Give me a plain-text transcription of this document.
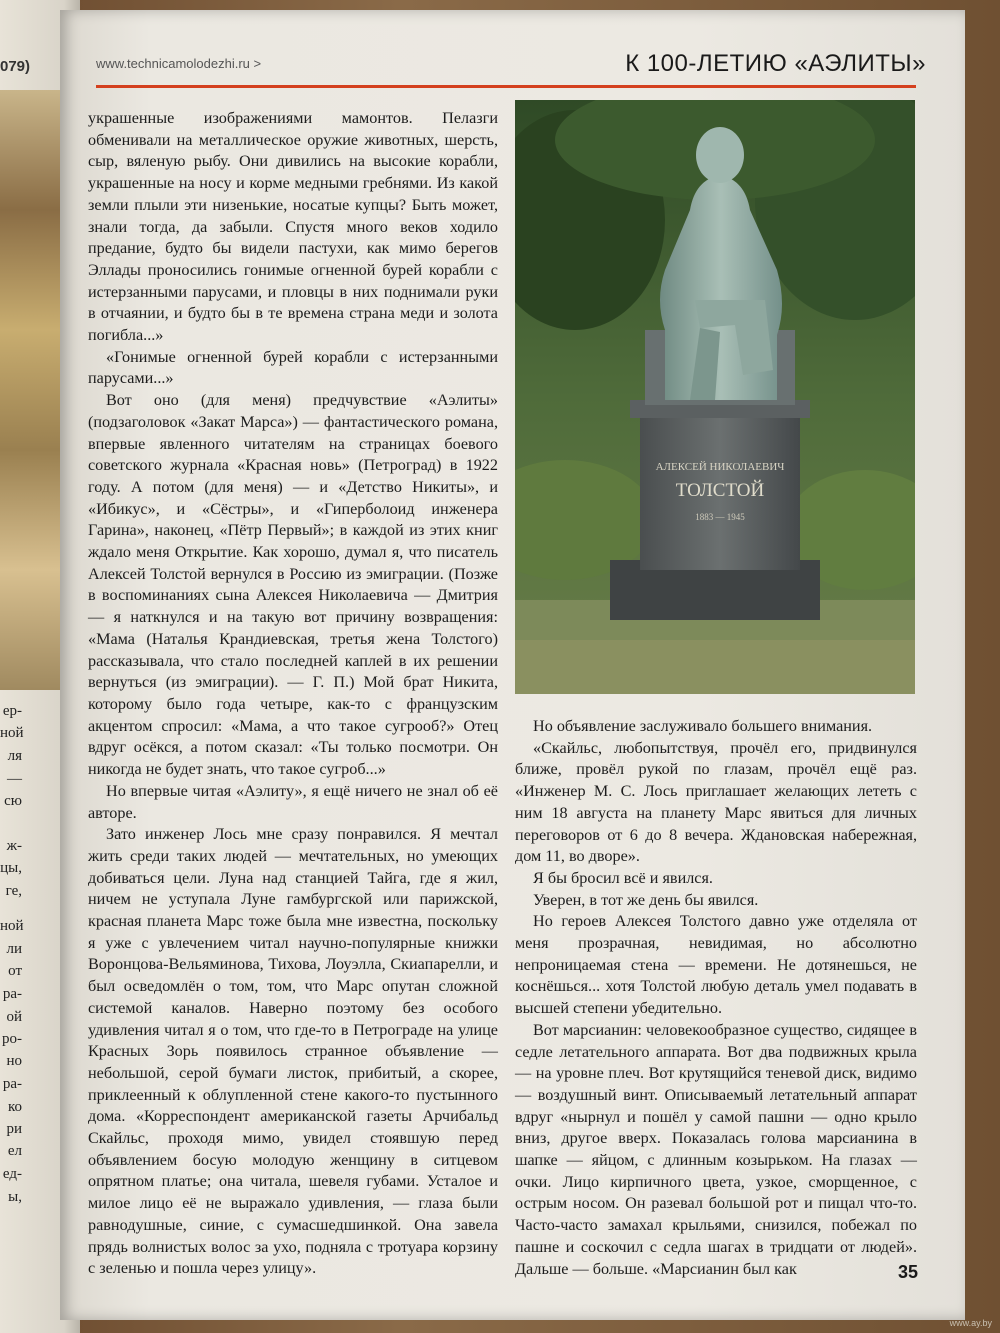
079)
ер-
ной
ля
—
сю
ж-
цы,
ге,
ной
ли
от
ра-
ой
ро-
но
ра-
ко
ри
ел
ед-
ы,
www.technicamolodezhi.ru >	К 100-ЛЕТИЮ «АЭЛИТЫ»
АЛЕКСЕЙ НИКОЛАЕВИЧ
ТОЛСТОЙ
1883 — 1945

украшенные изображениями мамонтов. Пелазги обменивали на металлическое оружие животных, шерсть, сыр, вяленую рыбу. Они дивились на высокие корабли, украшенные на носу и корме медными гребнями. Из какой земли плыли эти низенькие, носатые купцы? Быть может, знали тогда, да забыли. Спустя много веков ходило предание, будто бы видели пастухи, как мимо берегов Эллады проносились гонимые огненной бурей корабли с истерзанными парусами, и пловцы в них поднимали руки в отчаянии, и будто бы в те времена страна меди и золота погибла...»

«Гонимые огненной бурей корабли с истерзанными парусами...»

Вот оно (для меня) предчувствие «Аэлиты» (подзаголовок «Закат Марса») — фантастического романа, впервые явленного читателям на страницах боевого советского журнала «Красная новь» (Петроград) в 1922 году. А потом (для меня) — и «Детство Никиты», и «Ибикус», и «Сёстры», и «Гиперболоид инженера Гарина», наконец, «Пётр Первый»; в каждой из этих книг ждало меня Открытие. Как хорошо, думал я, что писатель Алексей Толстой вернулся в Россию из эмиграции. (Позже в воспоминаниях сына Алексея Николаевича — Дмитрия — я наткнулся и на такую вот причину возвращения: «Мама (Наталья Крандиевская, третья жена Толстого) рассказывала, что стало последней каплей в их решении вернуться (из эмиграции). — Г. П.) Мой брат Никита, которому было года четыре, как-то с французским акцентом спросил: «Мама, а что такое сугрооб?» Отец вдруг осёкся, а потом сказал: «Ты только посмотри. Он никогда не будет знать, что такое сугроб...»

Но впервые читая «Аэлиту», я ещё ничего не знал об её авторе.

Зато инженер Лось мне сразу понравился. Я мечтал жить среди таких людей — мечтательных, но умеющих добиваться цели. Луна над станцией Тайга, где я жил, ничем не уступала Луне гамбургской или парижской, красная планета Марс тоже была мне известна, поскольку я уже с увлечением читал научно-популярные книжки Воронцова-Вельяминова, Тихова, Лоуэлла, Скиапарелли, и был осведомлён о том, том, что Марс опутан сложной системой каналов. Наверно поэтому без особого удивления читал я о том, что где-то в Петрограде на улице Красных Зорь появилось странное объявление — небольшой, серой бумаги листок, прибитый, а скорее, приклеенный к облупленной стене какого-то пустынного дома. «Корреспондент американской газеты Арчибальд Скайльс, проходя мимо, увидел стоявшую перед объявлением босую молодую женщину в ситцевом опрятном платье; она читала, шевеля губами. Усталое и милое лицо её не выражало удивления, — глаза были равнодушные, синие, с сумасшедшинкой. Она завела прядь волнистых волос за ухо, подняла с тротуара корзину с зеленью и пошла через улицу».

Но объявление заслуживало большего внимания.

«Скайльс, любопытствуя, прочёл его, придвинулся ближе, провёл рукой по глазам, прочёл ещё раз. «Инженер М. С. Лось приглашает желающих лететь с ним 18 августа на планету Марс явиться для личных переговоров от 6 до 8 вечера. Ждановская набережная, дом 11, во дворе».

Я бы бросил всё и явился.

Уверен, в тот же день бы явился.

Но героев Алексея Толстого давно уже отделяла от меня прозрачная, невидимая, но абсолютно непроницаемая стена — времени. Не дотянешься, не коснёшься... хотя Толстой любую деталь умел подавать в высшей степени убедительно.

Вот марсианин: человекообразное существо, сидящее в седле летательного аппарата. Вот два подвижных крыла — на уровне плеч. Вот крутящийся теневой диск, видимо — воздушный винт. Описываемый летательный аппарат вдруг «нырнул и пошёл у самой пашни — одно крыло вниз, другое вверх. Показалась голова марсианина в шапке — яйцом, с длинным козырьком. На глазах — очки. Лицо кирпичного цвета, узкое, сморщенное, с острым носом. Он разевал большой рот и пищал что-то. Часто-часто замахал крыльями, снизился, побежал по пашне и соскочил с седла шагах в тридцати от людей». Дальше — больше. «Марсианин был как	35
www.ay.by
